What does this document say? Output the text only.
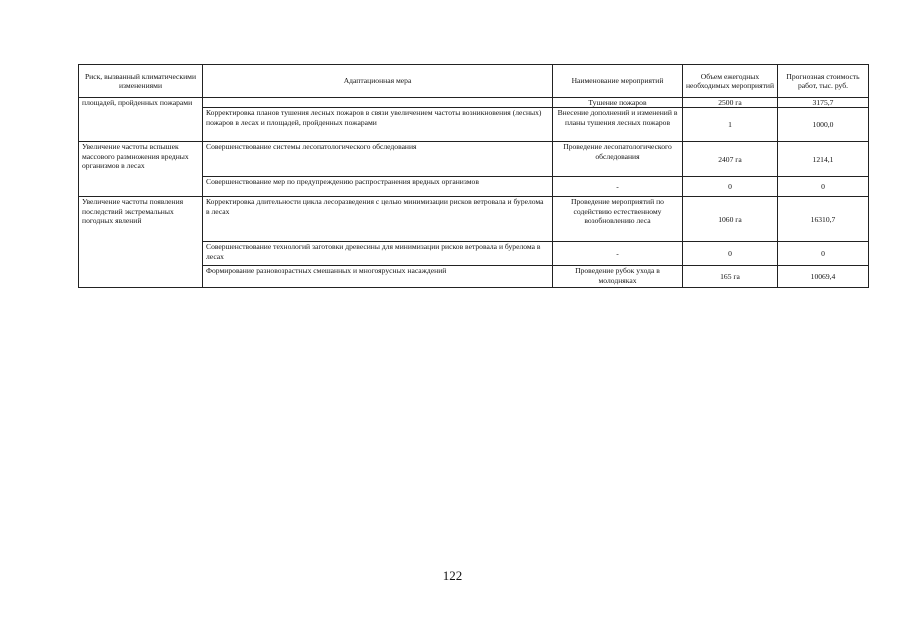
Риск, вызванный климатическими изменениями	Адаптационная мера	Наименование мероприятий	Объем ежегодных необходимых мероприятий	Прогнозная стоимость работ, тыс. руб.
площадей, пройденных пожарами		Тушение пожаров	2500 га	3175,7
	Корректировка планов тушения лесных пожаров в связи увеличением частоты возникновения (лесных) пожаров в лесах и площадей, пройденных пожарами	Внесение дополнений и изменений в планы тушения лесных пожаров	1	1000,0
Увеличение частоты вспышек массового размножения вредных организмов в лесах	Совершенствование системы лесопатологического обследования	Проведение лесопатологического обследования	2407 га	1214,1
	Совершенствование мер по предупреждению распространения вредных организмов	-	0	0
Увеличение частоты появления последствий экстремальных погодных явлений	Корректировка длительности цикла лесоразведения с целью минимизации рисков ветровала и бурелома в лесах	Проведение мероприятий по содействию естественному возобновлению леса	1060 га	16310,7
	Совершенствование технологий заготовки древесины для минимизации рисков ветровала и бурелома в лесах	-	0	0
	Формирование разновозрастных смешанных и многоярусных насаждений	Проведение рубок ухода в молодняках	165 га	10069,4
122
